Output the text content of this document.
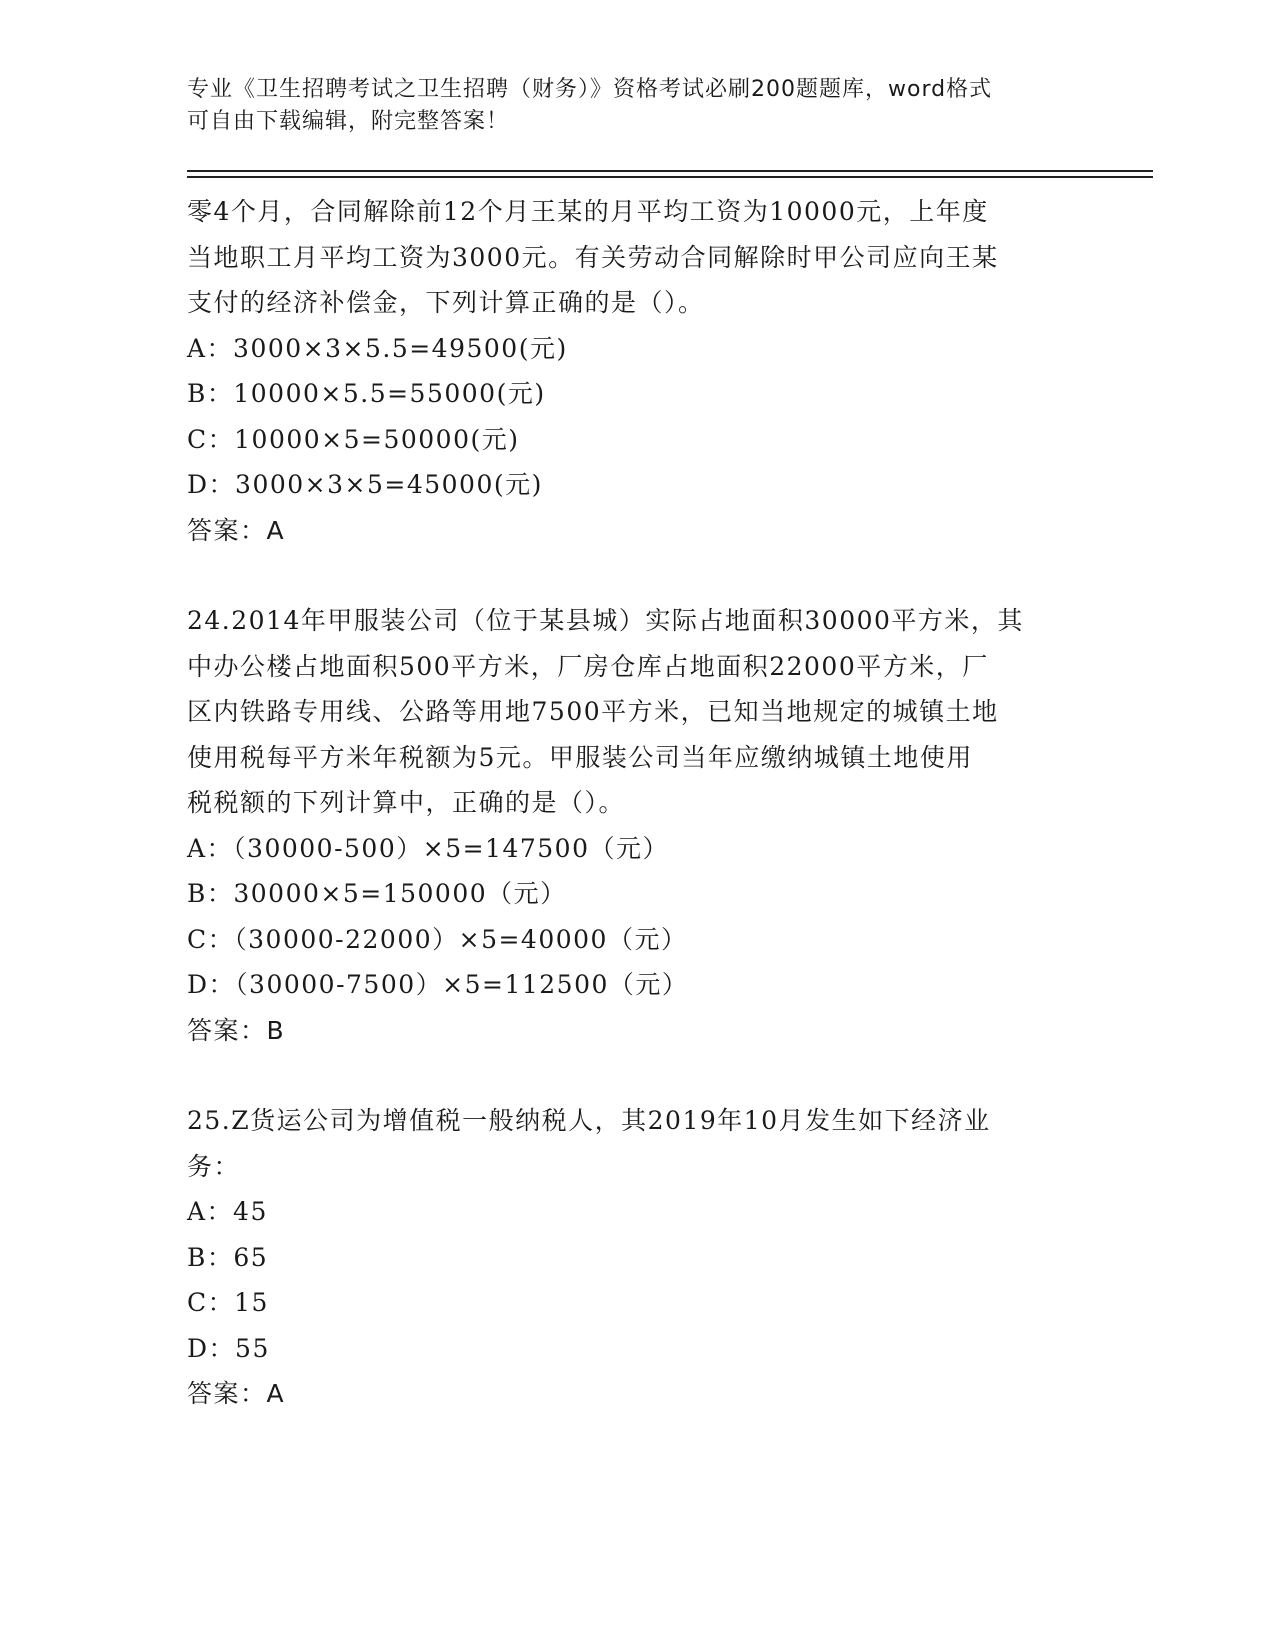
专业《卫生招聘考试之卫生招聘（财务）》资格考试必刷200题题库，word格式

可自由下载编辑，附完整答案！

零4个月，合同解除前12个月王某的月平均工资为10000元，上年度
当地职工月平均工资为3000元。有关劳动合同解除时甲公司应向王某
支付的经济补偿金，下列计算正确的是（）。
A：3000×3×5.5=49500(元)
B：10000×5.5=55000(元)
C：10000×5=50000(元)
D：3000×3×5=45000(元)
答案：A
24.2014年甲服装公司（位于某县城）实际占地面积30000平方米，其
中办公楼占地面积500平方米，厂房仓库占地面积22000平方米，厂
区内铁路专用线、公路等用地7500平方米，已知当地规定的城镇土地
使用税每平方米年税额为5元。甲服装公司当年应缴纳城镇土地使用
税税额的下列计算中，正确的是（）。
A：（30000-500）×5=147500（元）
B：30000×5=150000（元）
C：（30000-22000）×5=40000（元）
D：（30000-7500）×5=112500（元）
答案：B
25.Z货运公司为增值税一般纳税人，其2019年10月发生如下经济业
务：
A：45
B：65
C：15
D：55
答案：A
